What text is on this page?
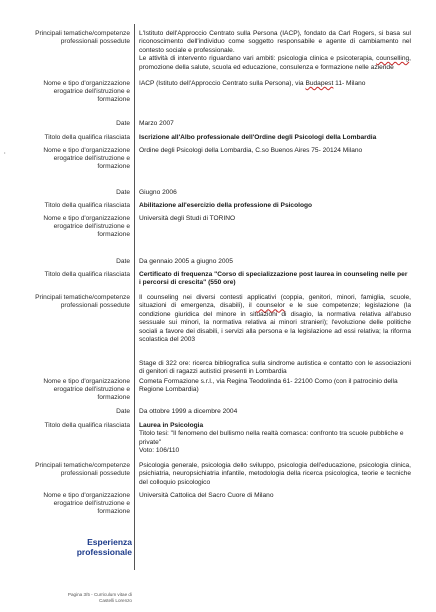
•
Principali tematiche/competenze professionali possedute
L'Istituto dell'Approccio Centrato sulla Persona (IACP), fondato da Carl Rogers, si basa sul riconoscimento dell'individuo come soggetto responsabile e agente di cambiamento nel contesto sociale e professionale.
Le attività di intervento riguardano vari ambiti: psicologia clinica e psicoterapia, counselling, promozione della salute, scuola ed educazione, consulenza e formazione nelle aziende
Nome e tipo d'organizzazione erogatrice dell'istruzione e formazione
IACP (Istituto dell'Approccio Centrato sulla Persona), via Budapest 11- Milano
Date Marzo 2007
Titolo della qualifica rilasciata Iscrizione all'Albo professionale dell'Ordine degli Psicologi della Lombardia
Nome e tipo d'organizzazione erogatrice dell'istruzione e formazione
Ordine degli Psicologi della Lombardia, C.so Buenos Aires 75- 20124 Milano
Date Giugno 2006
Titolo della qualifica rilasciata Abilitazione all'esercizio della professione di Psicologo
Nome e tipo d'organizzazione erogatrice dell'istruzione e formazione
Università degli Studi di TORINO
Date Da gennaio 2005 a giugno 2005
Titolo della qualifica rilasciata Certificato di frequenza "Corso di specializzazione post laurea in counseling nelle per i percorsi di crescita" (550 ore)
Principali tematiche/competenze professionali possedute
Il counseling nei diversi contesti applicativi (coppia, genitori, minori, famiglia, scuole, situazioni di emergenza, disabili), il counselor e le sue competenze; legislazione (la condizione giuridica del minore in situazioni di disagio, la normativa relativa all'abuso sessuale sui minori, la normativa relativa ai minori stranieri); l'evoluzione delle politiche sociali a favore dei disabili, i servizi alla persona e la legislazione ad essi relativa; la riforma scolastica del 2003
Stage di 322 ore: ricerca bibliografica sulla sindrome autistica e contatto con le associazioni di genitori di ragazzi autistici presenti in Lombardia
Nome e tipo d'organizzazione erogatrice dell'istruzione e formazione
Cometa Formazione s.r.l., via Regina Teodolinda 61- 22100 Como (con il patrocinio della Regione Lombardia)
Date Da ottobre 1999 a dicembre 2004
Titolo della qualifica rilasciata Laurea in Psicologia
Titolo tesi: "Il fenomeno del bullismo nella realtà comasca: confronto tra scuole pubbliche e private"
Voto: 106/110
Principali tematiche/competenze professionali possedute
Psicologia generale, psicologia dello sviluppo, psicologia dell'educazione, psicologia clinica, psichiatria, neuropsichiatria infantile, metodologia della ricerca psicologica, teorie e tecniche del colloquio psicologico
Nome e tipo d'organizzazione erogatrice dell'istruzione e formazione
Università Cattolica del Sacro Cuore di Milano
Esperienza professionale
Pagina 3/5 - Curriculum vitae di Castelli Lorenzo
